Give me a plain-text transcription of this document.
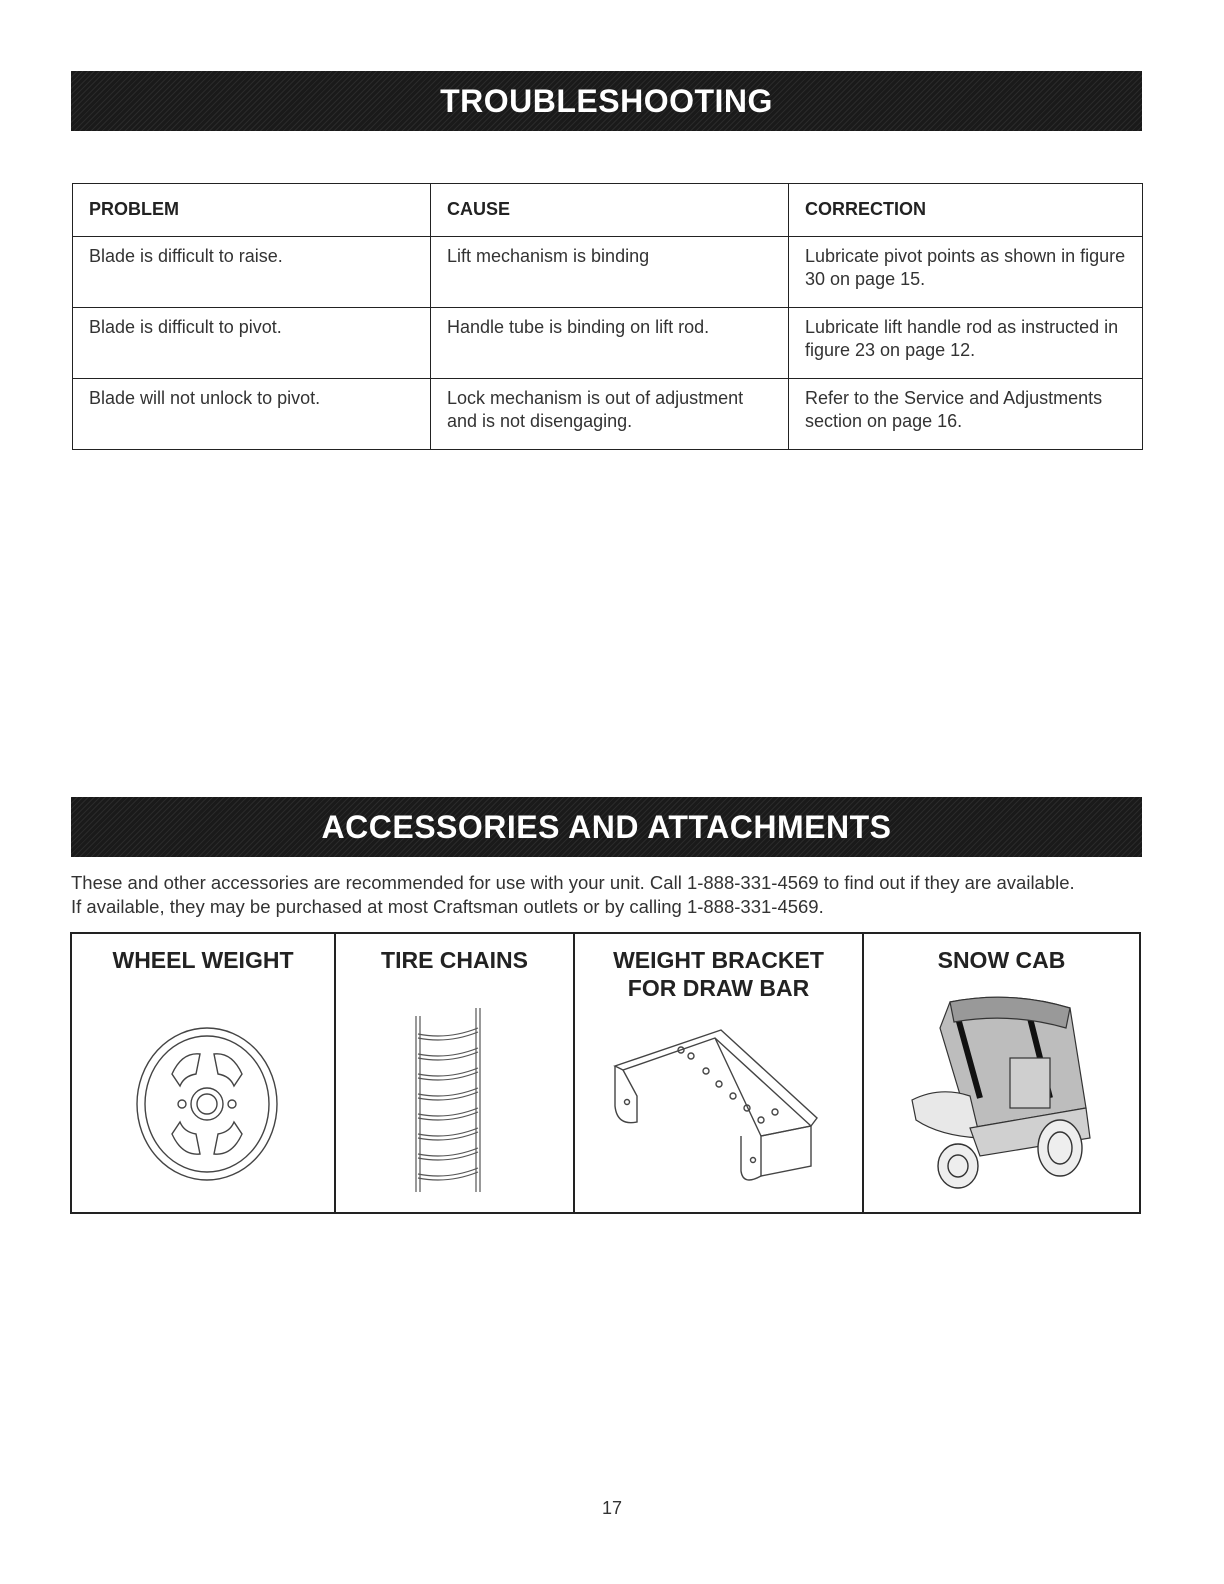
TROUBLESHOOTING
PROBLEM	CAUSE	CORRECTION
Blade is difficult to raise.	Lift mechanism is binding	Lubricate pivot points as shown in figure 30 on page 15.
Blade is difficult to pivot.	Handle tube is binding on lift rod.	Lubricate lift handle rod as instructed in figure 23 on page 12.
Blade will not unlock to pivot.	Lock mechanism is out of adjustment and is not disengaging.	Refer to the Service and Adjustments section on page 16.
ACCESSORIES AND ATTACHMENTS

These and other accessories are recommended for use with your unit. Call 1-888-331-4569 to find out if they are available.

If available, they may be purchased at most Craftsman outlets or by calling 1-888-331-4569.

WHEEL WEIGHT	TIRE CHAINS	WEIGHT BRACKET
FOR DRAW BAR
SNOW CAB
17
